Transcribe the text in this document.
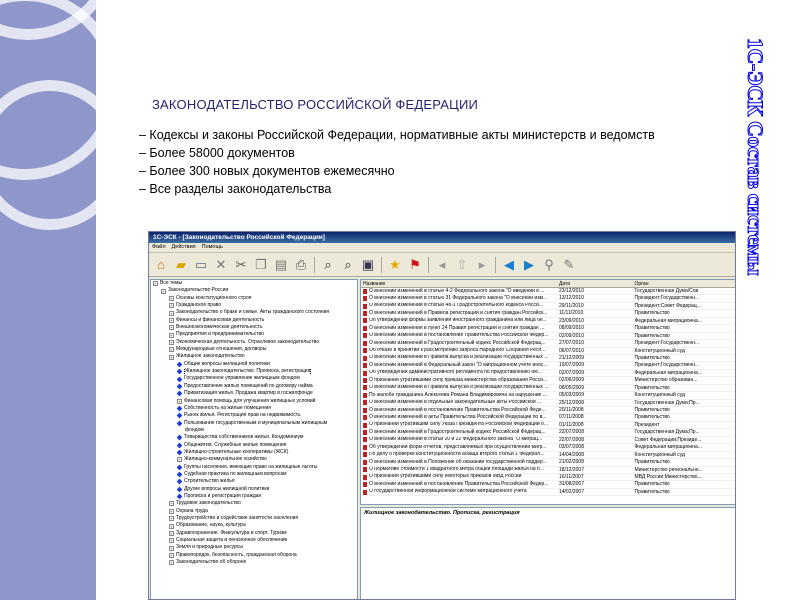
1С-ЭСК Состав системы
ЗАКОНОДАТЕЛЬСТВО РОССИЙСКОЙ ФЕДЕРАЦИИ
– Кодексы и законы Российской Федерации, нормативные акты министерств и ведомств
– Более 58000 документов
– Более 300 новых документов ежемесячно
– Все разделы законодательства
1С-ЭСК - [Законодательство Российской Федерации]
Файл Действия Помощь
⌂ ▰ ▭ ✕ ✂ ❐ ▤ ⎙	⌕ ⌕ ▣ ★ ⚑	◂ ⇧ ▸	◀ ▶ ⚲ ✎
+ Все темы
+ Законодательство России
+ Основы конституционного строя
+ Гражданское право
+ Законодательство о браке и семье. Акты гражданского состояния
+ Финансы и финансовая деятельность
+ Внешнеэкономическая деятельность
+ Предприятия и предпринимательство
+ Экономическая деятельность. Отраслевое законодательство
+ Международные отношения, договоры
+ Жилищное законодательство
Общие вопросы жилищной политики
Жилищное законодательство. Прописка, регистрация
Государственное управление жилищным фондом
Предоставление жилых помещений по договору найма
Приватизация жилья. Продажа квартир в госжилфонде
+ Финансовая помощь для улучшения жилищных условий
Собственность на жилые помещения
Рынок жилья. Регистрация прав на недвижимость
Пользование государственным и муниципальным жилищным
фондом
Товарищества собственников жилья. Кондоминиум
Общежития. Служебные жилые помещения
Жилищно-строительные кооперативы (ЖСК)
+ Жилищно-коммунальное хозяйство
Группы населения, имеющие право на жилищные льготы
Судебная практика по жилищным вопросам
Строительство жилья
Другие вопросы жилищной политики
Прописка и регистрация граждан
+ Трудовое законодательство
+ Охрана труда
+ Трудоустройство и содействие занятости населения
+ Образование, наука, культура
+ Здравоохранение. Физкультура и спорт. Туризм
+ Социальная защита и пенсионное обеспечение
+ Земля и природные ресурсы
+ Правопорядок, безопасность, гражданская оборона
+ Законодательство об обороне
Название	Дата	Орган
О внесении изменений в статью 4-2 Федерального закона "О введении в ...	23/12/2010	Государственная Дума/Сов
О внесении изменения в статью 31 Федерального закона "О внесении изм...	13/12/2010	Президент;Государственн...
О внесении изменений в статью 48-1 Градостроительного кодекса Росси...	29/11/2010	Президент;Совет Федерац...
О внесении изменений в Правила регистрации и снятия граждан Российск...	11/11/2010	Правительство
Об утверждении формы заявления иностранного гражданина или лица бе...	23/09/2010	Федеральная миграционна...
О внесении изменения в пункт 24 Правил регистрации и снятия граждан ...	08/09/2010	Правительство
О внесении изменений в постановление Правительства Российской Федер...	02/09/2010	Правительство
О внесении изменений в Градостроительный кодекс Российской Федерац...	27/07/2010	Президент;Государственн...
Об отказе в принятии к рассмотрению запроса Народного Собрания Респ...	06/07/2010	Конституционный суд
О внесении изменений в Правила выпуска и реализации государственных ...	21/12/2009	Правительство
О внесении изменений в Федеральный закон "О миграционном учете инос...	19/07/2009	Президент;Государственн...
Об утверждении административного регламента по предоставлению Фе...	02/07/2009	Федеральная миграционна...
О признании утратившими силу приказа министерства образования Росси...	02/06/2009	Министерство образован...
О внесении изменений в Правила выпуска и реализации государственных ...	08/05/2009	Правительство
По жалобе гражданина Алексеева Романа Владимировича на нарушение ...	05/03/2009	Конституционный суд
О внесении изменений в отдельные законодательные акты Российской ...	25/12/2008	Государственная Дума;Пр...
О внесении изменений в постановление Правительства Российской Феде...	20/11/2008	Правительство
О внесении изменений в акты Правительства Российской Федерации по в...	07/11/2008	Правительство
О признании утратившим силу Указа Президента Российской Федерации о...	01/11/2008	Президент
О внесении изменений в Градостроительный кодекс Российской Федерац...	22/07/2008	Государственная Дума;Пр...
О внесении изменений в статьи 20 и 22 Федерального закона "О миграц...	22/07/2008	Совет Федерации;Президе...
Об утверждении форм отчетов, представляемых при осуществлении мигр...	03/07/2008	Федеральная миграционна...
По делу о проверке конституционности абзаца второго статьи 1 Федерал...	14/04/2008	Конституционный суд
О внесении изменений в Положение об оказании государственной поддер...	21/02/2008	Правительство
О нормативе стоимости 1 квадратного метра общей площади жилья на п...	18/12/2007	Министерство регионально...
О признании утратившими силу некоторых приказов МВД России	16/11/2007	МВД России;Министерство...
О внесении изменений в постановление Правительства Российской Федер...	31/08/2007	Правительство
О государственной информационной системе миграционного учета	14/02/2007	Правительство
Жилищное законодательство. Прописка, регистрация
